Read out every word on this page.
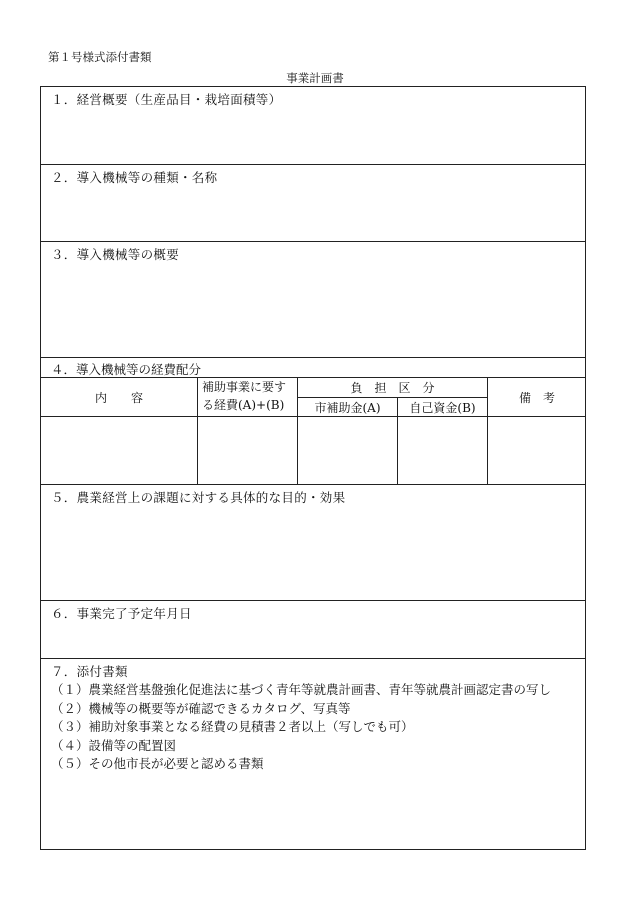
第１号様式添付書類
事業計画書
１．経営概要（生産品目・栽培面積等）
２．導入機械等の種類・名称
３．導入機械等の概要
４．導入機械等の経費配分
内　　容
補助事業に要す
る経費(A)+(B)
負　担　区　分
市補助金(A) 自己資金(B)
備　考
５．農業経営上の課題に対する具体的な目的・効果
６．事業完了予定年月日
７．添付書類
（１）農業経営基盤強化促進法に基づく青年等就農計画書、青年等就農計画認定書の写し
（２）機械等の概要等が確認できるカタログ、写真等
（３）補助対象事業となる経費の見積書２者以上（写しでも可）
（４）設備等の配置図
（５）その他市長が必要と認める書類
